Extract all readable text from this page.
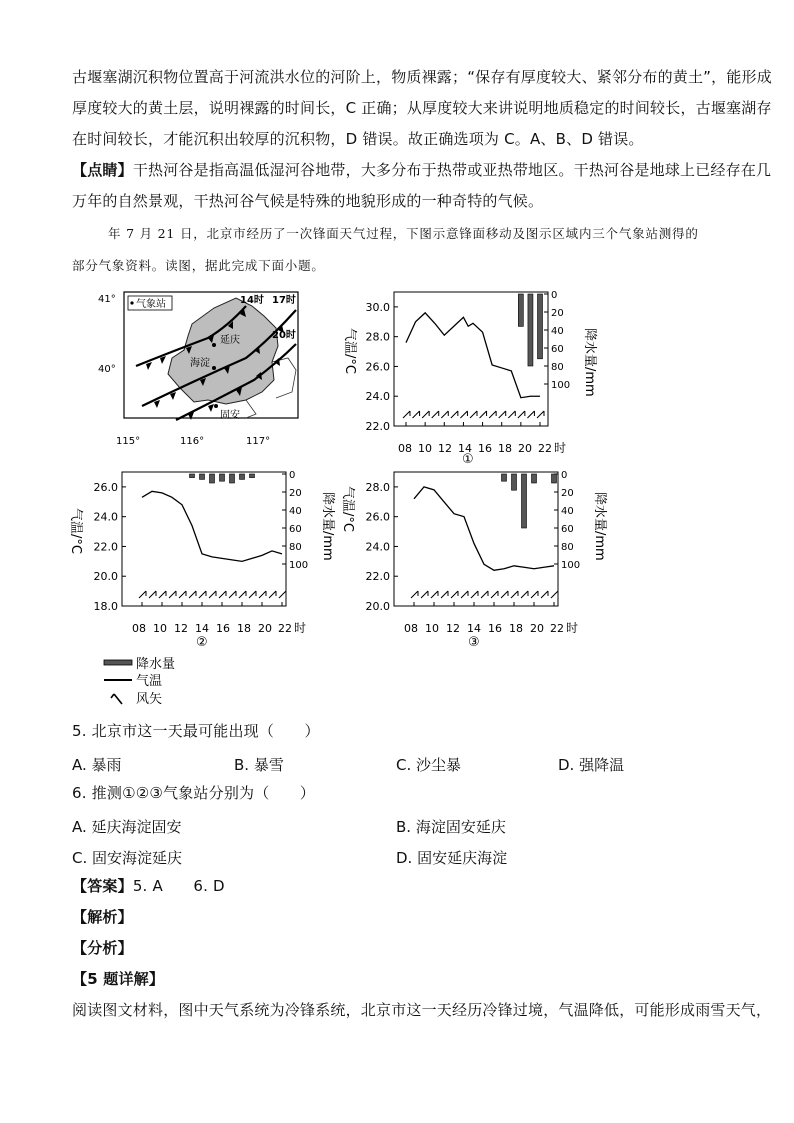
古堰塞湖沉积物位置高于河流洪水位的河阶上，物质裸露；“保存有厚度较大、紧邻分布的黄土”，能形成
厚度较大的黄土层，说明裸露的时间长，C 正确；从厚度较大来讲说明地质稳定的时间较长，古堰塞湖存
在时间较长，才能沉积出较厚的沉积物，D 错误。故正确选项为 C。A、B、D 错误。
【点睛】干热河谷是指高温低湿河谷地带，大多分布于热带或亚热带地区。干热河谷是地球上已经存在几
万年的自然景观，干热河谷气候是特殊的地貌形成的一种奇特的气候。
年 7 月 21 日，北京市经历了一次锋面天气过程，下图示意锋面移动及图示区域内三个气象站测得的
部分气象资料。读图，据此完成下面小题。
气象站
41°
40°
115°	116°	117°
14时 17时
20时
延庆
海淀
固安
08 10 12 14 16 18 20 22 时
①
气温/°C	降水量/mm
22.0
24.0
26.0
28.0
30.0
0
20
40
60
80
100
08 10 12 14 16 18 20 22 时
②
气温/°C	降水量/mm
18.0
20.0
22.0
24.0
26.0
0
20
40
60
80
100
08 10 12 14 16 18 20 22 时
③
气温/°C	降水量/mm
20.0
22.0
24.0
26.0
28.0
0
20
40
60
80
100
降水量
气温
风矢
5. 北京市这一天最可能出现（　　）
A. 暴雨	B. 暴雪	C. 沙尘暴	D. 强降温
6. 推测①②③气象站分别为（　　）
A. 延庆海淀固安	B. 海淀固安延庆
C. 固安海淀延庆	D. 固安延庆海淀
【答案】5. A　　6. D
【解析】
【分析】
【5 题详解】
阅读图文材料，图中天气系统为冷锋系统，北京市这一天经历冷锋过境，气温降低，可能形成雨雪天气，
